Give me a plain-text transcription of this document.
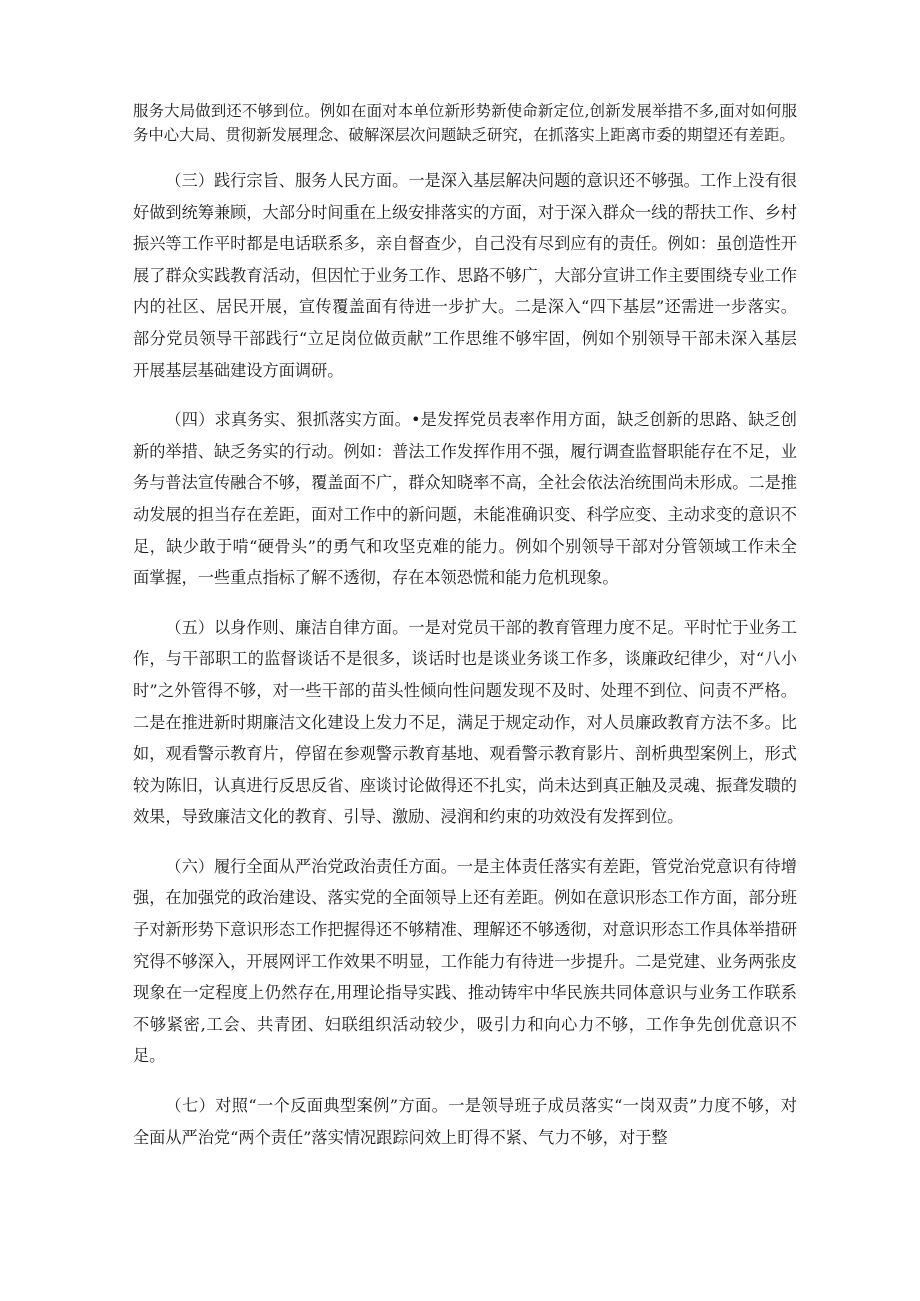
服务大局做到还不够到位。例如在面对本单位新形势新使命新定位,创新发展举措不多,面对如何服务中心大局、贯彻新发展理念、破解深层次问题缺乏研究，在抓落实上距离市委的期望还有差距。

（三）践行宗旨、服务人民方面。一是深入基层解决问题的意识还不够强。工作上没有很好做到统筹兼顾，大部分时间重在上级安排落实的方面，对于深入群众一线的帮扶工作、乡村振兴等工作平时都是电话联系多，亲自督查少，自己没有尽到应有的责任。例如：虽创造性开展了群众实践教育活动，但因忙于业务工作、思路不够广，大部分宣讲工作主要围绕专业工作内的社区、居民开展，宣传覆盖面有待进一步扩大。二是深入“四下基层”还需进一步落实。部分党员领导干部践行“立足岗位做贡献”工作思维不够牢固，例如个别领导干部未深入基层开展基层基础建设方面调研。

（四）求真务实、狠抓落实方面。•是发挥党员表率作用方面，缺乏创新的思路、缺乏创新的举措、缺乏务实的行动。例如：普法工作发挥作用不强，履行调查监督职能存在不足，业务与普法宣传融合不够，覆盖面不广，群众知晓率不高，全社会依法治统围尚未形成。二是推动发展的担当存在差距，面对工作中的新问题，未能准确识变、科学应变、主动求变的意识不足，缺少敢于啃“硬骨头”的勇气和攻坚克难的能力。例如个别领导干部对分管领域工作未全面掌握，一些重点指标了解不透彻，存在本领恐慌和能力危机现象。

（五）以身作则、廉洁自律方面。一是对党员干部的教育管理力度不足。平时忙于业务工作，与干部职工的监督谈话不是很多，谈话时也是谈业务谈工作多，谈廉政纪律少，对“八小时”之外管得不够，对一些干部的苗头性倾向性问题发现不及时、处理不到位、问责不严格。二是在推进新时期廉洁文化建设上发力不足，满足于规定动作，对人员廉政教育方法不多。比如，观看警示教育片，停留在参观警示教育基地、观看警示教育影片、剖析典型案例上，形式较为陈旧，认真进行反思反省、座谈讨论做得还不扎实，尚未达到真正触及灵魂、振聋发聩的效果，导致廉洁文化的教育、引导、激励、浸润和约束的功效没有发挥到位。

（六）履行全面从严治党政治责任方面。一是主体责任落实有差距，管党治党意识有待增强，在加强党的政治建设、落实党的全面领导上还有差距。例如在意识形态工作方面，部分班子对新形势下意识形态工作把握得还不够精准、理解还不够透彻，对意识形态工作具体举措研究得不够深入，开展网评工作效果不明显，工作能力有待进一步提升。二是党建、业务两张皮现象在一定程度上仍然存在,用理论指导实践、推动铸牢中华民族共同体意识与业务工作联系不够紧密,工会、共青团、妇联组织活动较少，吸引力和向心力不够，工作争先创优意识不足。

（七）对照“一个反面典型案例”方面。一是领导班子成员落实“一岗双责”力度不够，对全面从严治党“两个责任”落实情况跟踪问效上盯得不紧、气力不够，对于整
